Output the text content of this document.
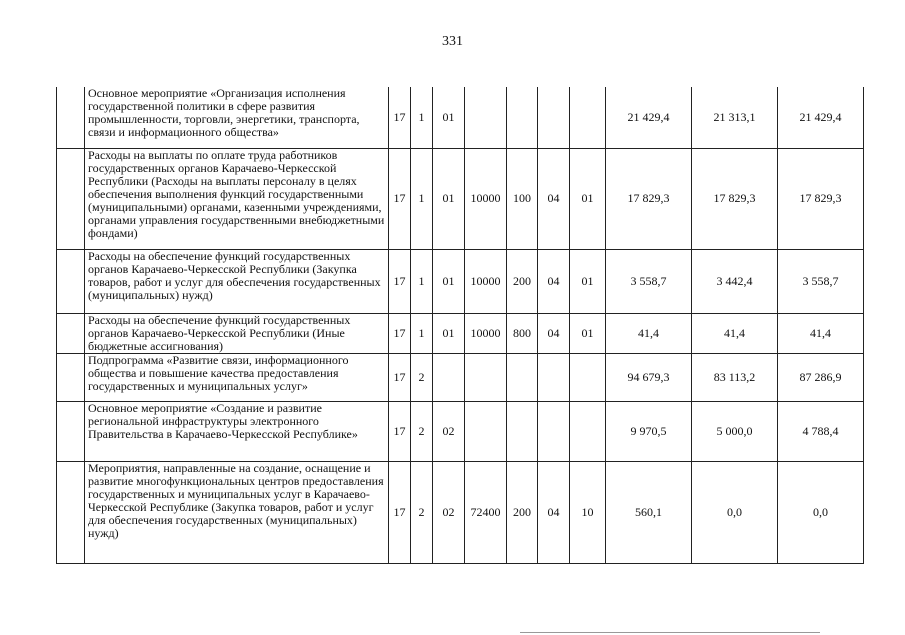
331
	Основное мероприятие «Организация исполнения государственной политики в сфере развития промышленности, торговли, энергетики, транспорта, связи и информационного общества»	17	1	01					21 429,4	21 313,1	21 429,4
	Расходы на выплаты по оплате труда работников государственных органов Карачаево-Черкесской Республики (Расходы на выплаты персоналу в целях обеспечения выполнения функций государственными (муниципальными) органами, казенными учреждениями, органами управления государственными внебюджетными фондами)	17	1	01	10000	100	04	01	17 829,3	17 829,3	17 829,3
	Расходы на обеспечение функций государственных органов Карачаево-Черкесской Республики (Закупка товаров, работ и услуг для обеспечения государственных (муниципальных) нужд)	17	1	01	10000	200	04	01	3 558,7	3 442,4	3 558,7
	Расходы на обеспечение функций государственных органов Карачаево-Черкесской Республики (Иные бюджетные ассигнования)	17	1	01	10000	800	04	01	41,4	41,4	41,4
	Подпрограмма «Развитие связи, информационного общества и повышение качества предоставления государственных и муниципальных услуг»	17	2						94 679,3	83 113,2	87 286,9
	Основное мероприятие «Создание и развитие региональной инфраструктуры электронного Правительства в Карачаево-Черкесской Республике»	17	2	02					9 970,5	5 000,0	4 788,4
	Мероприятия, направленные на создание, оснащение и развитие многофункциональных центров предоставления государственных и муниципальных услуг в Карачаево-Черкесской Республике (Закупка товаров, работ и услуг для обеспечения государственных (муниципальных) нужд)	17	2	02	72400	200	04	10	560,1	0,0	0,0
